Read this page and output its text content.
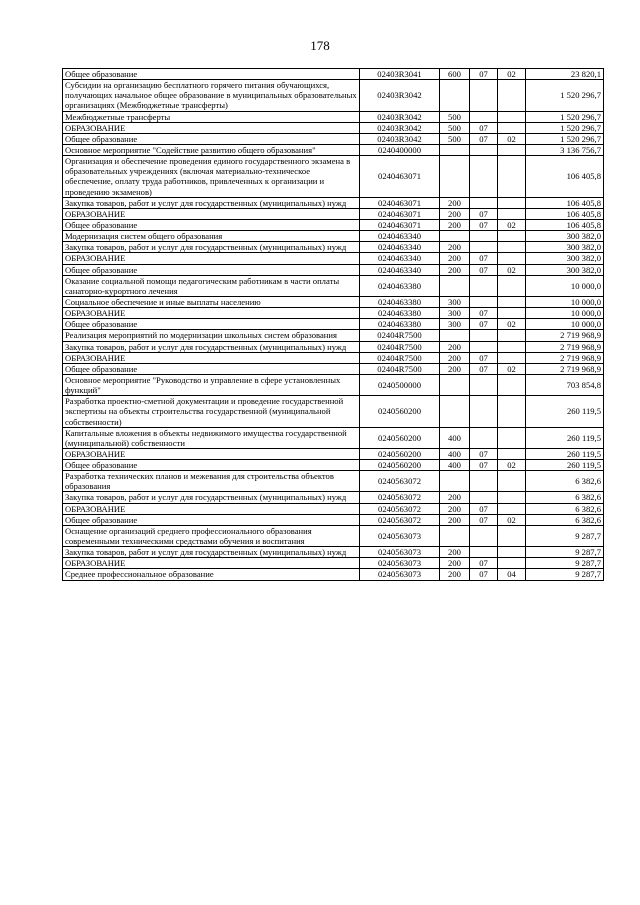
178
Общее образование	02403R3041	600	07	02	23 820,1
Субсидии на организацию бесплатного горячего питания обучающихся, получающих начальное общее образование в муниципальных образовательных организациях (Межбюджетные трансферты)	02403R3042				1 520 296,7
Межбюджетные трансферты	02403R3042	500			1 520 296,7
ОБРАЗОВАНИЕ	02403R3042	500	07		1 520 296,7
Общее образование	02403R3042	500	07	02	1 520 296,7
Основное мероприятие "Содействие развитию общего образования"	0240400000				3 136 756,7
Организация и обеспечение проведения единого государственного экзамена в образовательных учреждениях (включая материально-техническое обеспечение, оплату труда работников, привлеченных к организации и проведению экзаменов)	0240463071				106 405,8
Закупка товаров, работ и услуг для государственных (муниципальных) нужд	0240463071	200			106 405,8
ОБРАЗОВАНИЕ	0240463071	200	07		106 405,8
Общее образование	0240463071	200	07	02	106 405,8
Модернизация систем общего образования	0240463340				300 382,0
Закупка товаров, работ и услуг для государственных (муниципальных) нужд	0240463340	200			300 382,0
ОБРАЗОВАНИЕ	0240463340	200	07		300 382,0
Общее образование	0240463340	200	07	02	300 382,0
Оказание социальной помощи педагогическим работникам в части оплаты санаторно-курортного лечения	0240463380				10 000,0
Социальное обеспечение и иные выплаты населению	0240463380	300			10 000,0
ОБРАЗОВАНИЕ	0240463380	300	07		10 000,0
Общее образование	0240463380	300	07	02	10 000,0
Реализация мероприятий по модернизации школьных систем образования	02404R7500				2 719 968,9
Закупка товаров, работ и услуг для государственных (муниципальных) нужд	02404R7500	200			2 719 968,9
ОБРАЗОВАНИЕ	02404R7500	200	07		2 719 968,9
Общее образование	02404R7500	200	07	02	2 719 968,9
Основное мероприятие "Руководство и управление в сфере установленных функций"	0240500000				703 854,8
Разработка проектно-сметной документации и проведение государственной экспертизы на объекты строительства государственной (муниципальной собственности)	0240560200				260 119,5
Капитальные вложения в объекты недвижимого имущества государственной (муниципальной) собственности	0240560200	400			260 119,5
ОБРАЗОВАНИЕ	0240560200	400	07		260 119,5
Общее образование	0240560200	400	07	02	260 119,5
Разработка технических планов и межевания для строительства объектов образования	0240563072				6 382,6
Закупка товаров, работ и услуг для государственных (муниципальных) нужд	0240563072	200			6 382,6
ОБРАЗОВАНИЕ	0240563072	200	07		6 382,6
Общее образование	0240563072	200	07	02	6 382,6
Оснащение организаций среднего профессионального образования современными техническими средствами обучения и воспитания	0240563073				9 287,7
Закупка товаров, работ и услуг для государственных (муниципальных) нужд	0240563073	200			9 287,7
ОБРАЗОВАНИЕ	0240563073	200	07		9 287,7
Среднее профессиональное образование	0240563073	200	07	04	9 287,7
